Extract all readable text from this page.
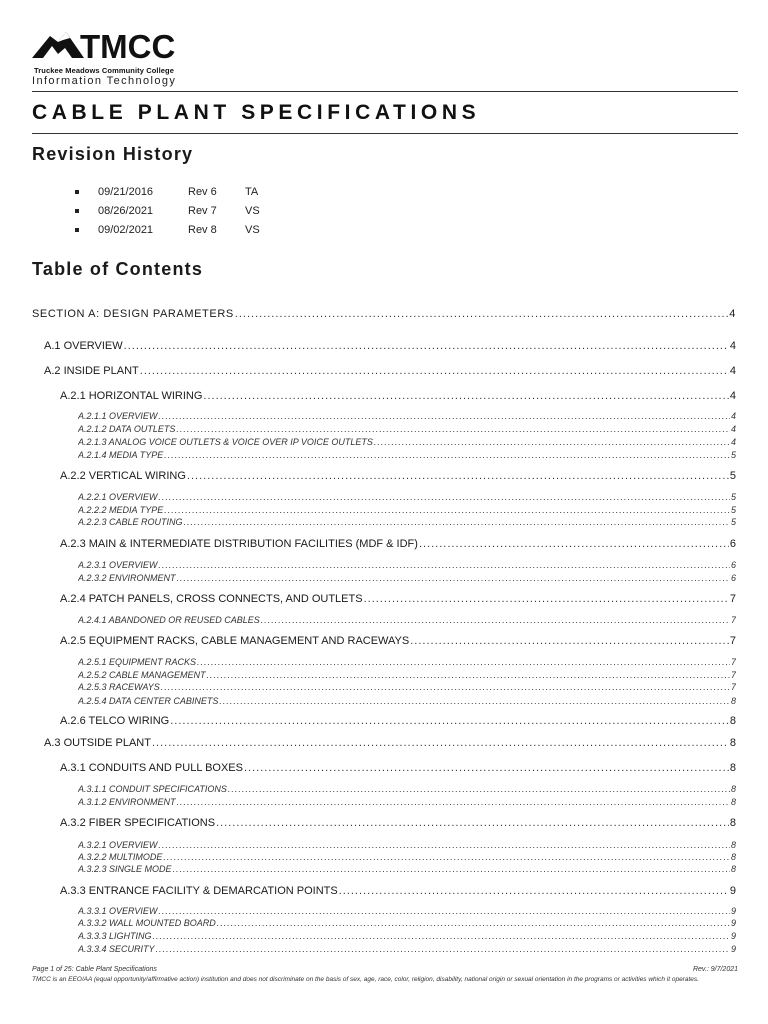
TMCC
Truckee Meadows Community College
Information Technology
CABLE PLANT SPECIFICATIONS
Revision History
09/21/2016	Rev 6	TA
08/26/2021	Rev 7	VS
09/02/2021	Rev 8	VS
Table of Contents
SECTION A: DESIGN PARAMETERS .....	4
A.1 OVERVIEW .....	4
A.2 INSIDE PLANT .....	4
A.2.1 HORIZONTAL WIRING .....	4
A.2.1.1 OVERVIEW .....	4
A.2.1.2 DATA OUTLETS .....	4
A.2.1.3 ANALOG VOICE OUTLETS & VOICE OVER IP VOICE OUTLETS .....	4
A.2.1.4 MEDIA TYPE .....	5
A.2.2 VERTICAL WIRING .....	5
A.2.2.1 OVERVIEW .....	5
A.2.2.2 MEDIA TYPE .....	5
A.2.2.3 CABLE ROUTING .....	5
A.2.3 MAIN & INTERMEDIATE DISTRIBUTION FACILITIES (MDF & IDF) .....	6
A.2.3.1 OVERVIEW .....	6
A.2.3.2 ENVIRONMENT .....	6
A.2.4 PATCH PANELS, CROSS CONNECTS, AND OUTLETS .....	7
A.2.4.1 ABANDONED OR REUSED CABLES .....	7
A.2.5 EQUIPMENT RACKS, CABLE MANAGEMENT AND RACEWAYS .....	7
A.2.5.1 EQUIPMENT RACKS .....	7
A.2.5.2 CABLE MANAGEMENT .....	7
A.2.5.3 RACEWAYS .....	7
A.2.5.4 DATA CENTER CABINETS .....	8
A.2.6 TELCO WIRING .....	8
A.3 OUTSIDE PLANT .....	8
A.3.1 CONDUITS AND PULL BOXES .....	8
A.3.1.1 CONDUIT SPECIFICATIONS .....	8
A.3.1.2 ENVIRONMENT .....	8
A.3.2 FIBER SPECIFICATIONS .....	8
A.3.2.1 OVERVIEW .....	8
A.3.2.2 MULTIMODE .....	8
A.3.2.3 SINGLE MODE .....	8
A.3.3 ENTRANCE FACILITY & DEMARCATION POINTS .....	9
A.3.3.1 OVERVIEW .....	9
A.3.3.2 WALL MOUNTED BOARD .....	9
A.3.3.3 LIGHTING .....	9
A.3.3.4 SECURITY .....	9
Page 1 of 25: Cable Plant Specifications	Rev.: 9/7/2021
TMCC is an EEO/AA (equal opportunity/affirmative action) institution and does not discriminate on the basis of sex, age, race, color, religion, disability, national origin or sexual orientation in the programs or activities which it operates.
